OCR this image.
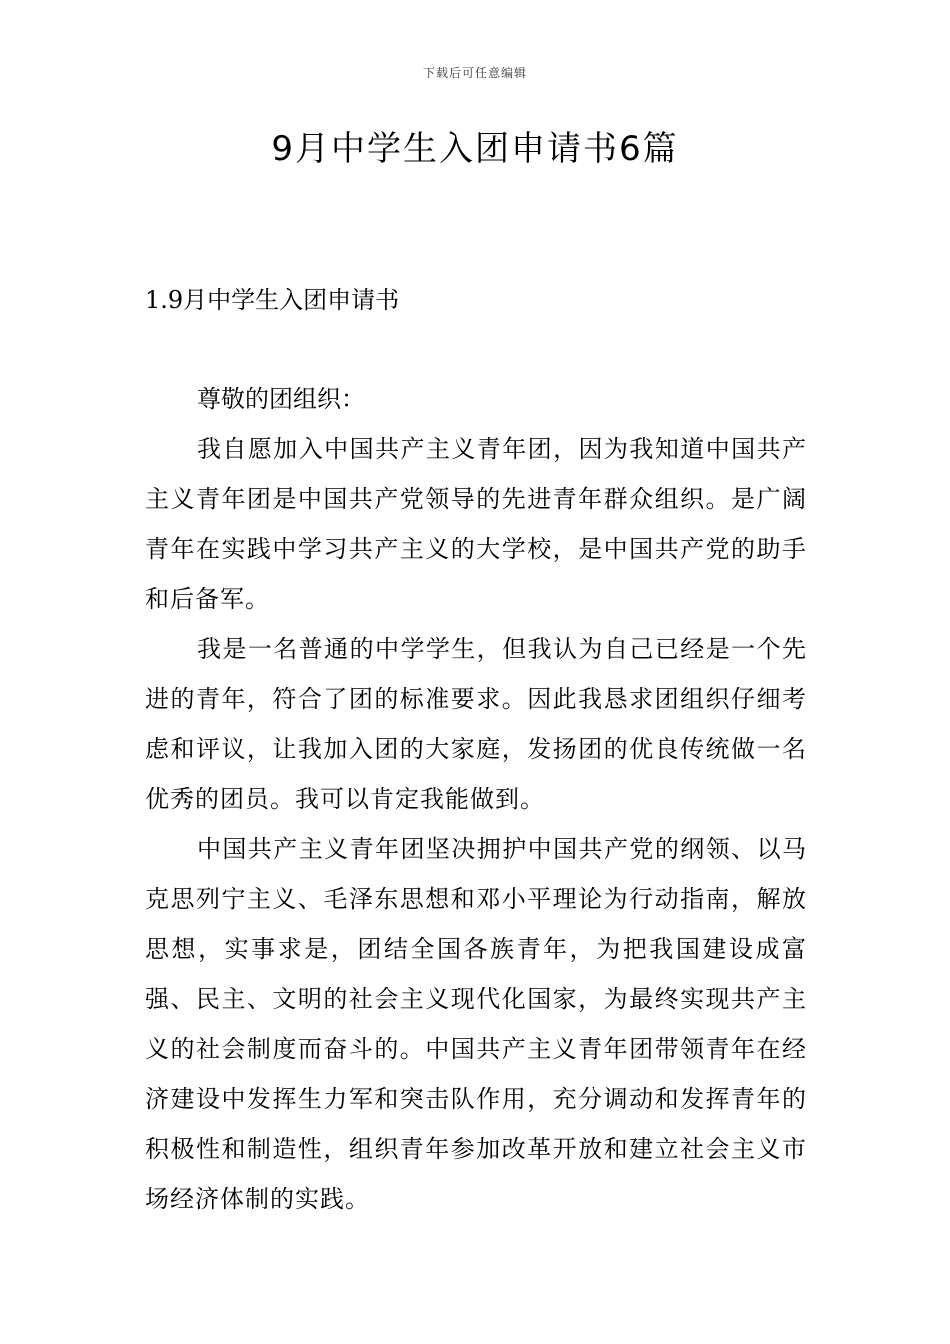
下载后可任意编辑
9月中学生入团申请书6篇
1.9月中学生入团申请书

尊敬的团组织：

我自愿加入中国共产主义青年团，因为我知道中国共产主义青年团是中国共产党领导的先进青年群众组织。是广阔青年在实践中学习共产主义的大学校，是中国共产党的助手和后备军。

我是一名普通的中学学生，但我认为自己已经是一个先进的青年，符合了团的标准要求。因此我恳求团组织仔细考虑和评议，让我加入团的大家庭，发扬团的优良传统做一名优秀的团员。我可以肯定我能做到。

中国共产主义青年团坚决拥护中国共产党的纲领、以马克思列宁主义、毛泽东思想和邓小平理论为行动指南，解放思想，实事求是，团结全国各族青年，为把我国建设成富强、民主、文明的社会主义现代化国家，为最终实现共产主义的社会制度而奋斗的。中国共产主义青年团带领青年在经济建设中发挥生力军和突击队作用，充分调动和发挥青年的积极性和制造性，组织青年参加改革开放和建立社会主义市场经济体制的实践。
